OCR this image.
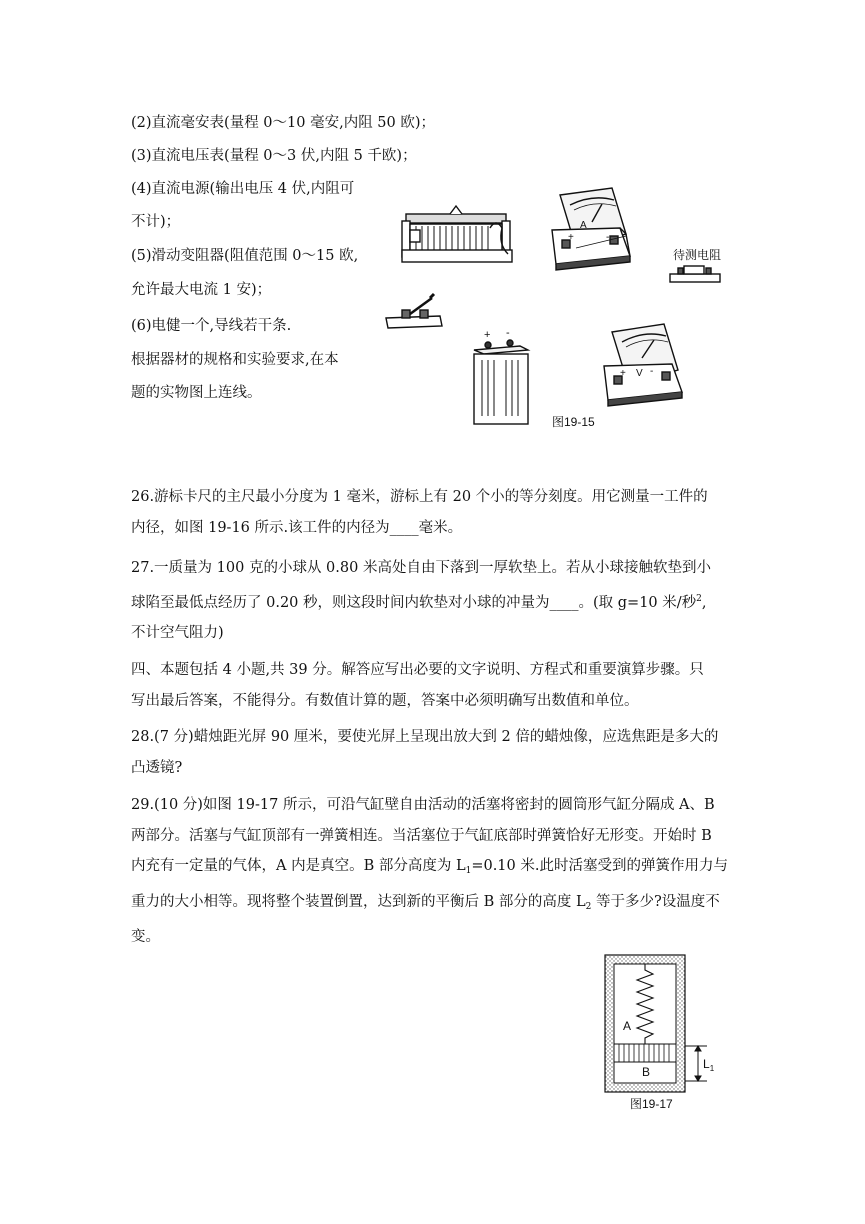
(2)直流毫安表(量程 0～10 毫安,内阻 50 欧)；
(3)直流电压表(量程 0～3 伏,内阻 5 千欧)；
(4)直流电源(输出电压 4 伏,内阻可
不计)；
(5)滑动变阻器(阻值范围 0～15 欧,
允许最大电流 1 安)；
(6)电健一个,导线若干条.
根据器材的规格和实验要求,在本
题的实物图上连线。
A
+	-
待测电阻
+ -
+ V -
图19-15
26.游标卡尺的主尺最小分度为 1 毫米，游标上有 20 个小的等分刻度。用它测量一工件的
内径，如图 19-16 所示.该工件的内径为____毫米。
27.一质量为 100 克的小球从 0.80 米高处自由下落到一厚软垫上。若从小球接触软垫到小
球陷至最低点经历了 0.20 秒，则这段时间内软垫对小球的冲量为____。(取 g=10 米/秒$^2$,
不计空气阻力)
四、本题包括 4 小题,共 39 分。解答应写出必要的文字说明、方程式和重要演算步骤。只
写出最后答案，不能得分。有数值计算的题，答案中必须明确写出数值和单位。
28.(7 分)蜡烛距光屏 90 厘米，要使光屏上呈现出放大到 2 倍的蜡烛像，应选焦距是多大的
凸透镜?
29.(10 分)如图 19-17 所示，可沿气缸壁自由活动的活塞将密封的圆筒形气缸分隔成 A、B
两部分。活塞与气缸顶部有一弹簧相连。当活塞位于气缸底部时弹簧恰好无形变。开始时 B
内充有一定量的气体，A 内是真空。B 部分高度为 $L_1=0.10$ 米.此时活塞受到的弹簧作用力与
重力的大小相等。现将整个装置倒置，达到新的平衡后 B 部分的高度 $L_2$ 等于多少?设温度不
变。
A
B
$L_1$
图19-17
